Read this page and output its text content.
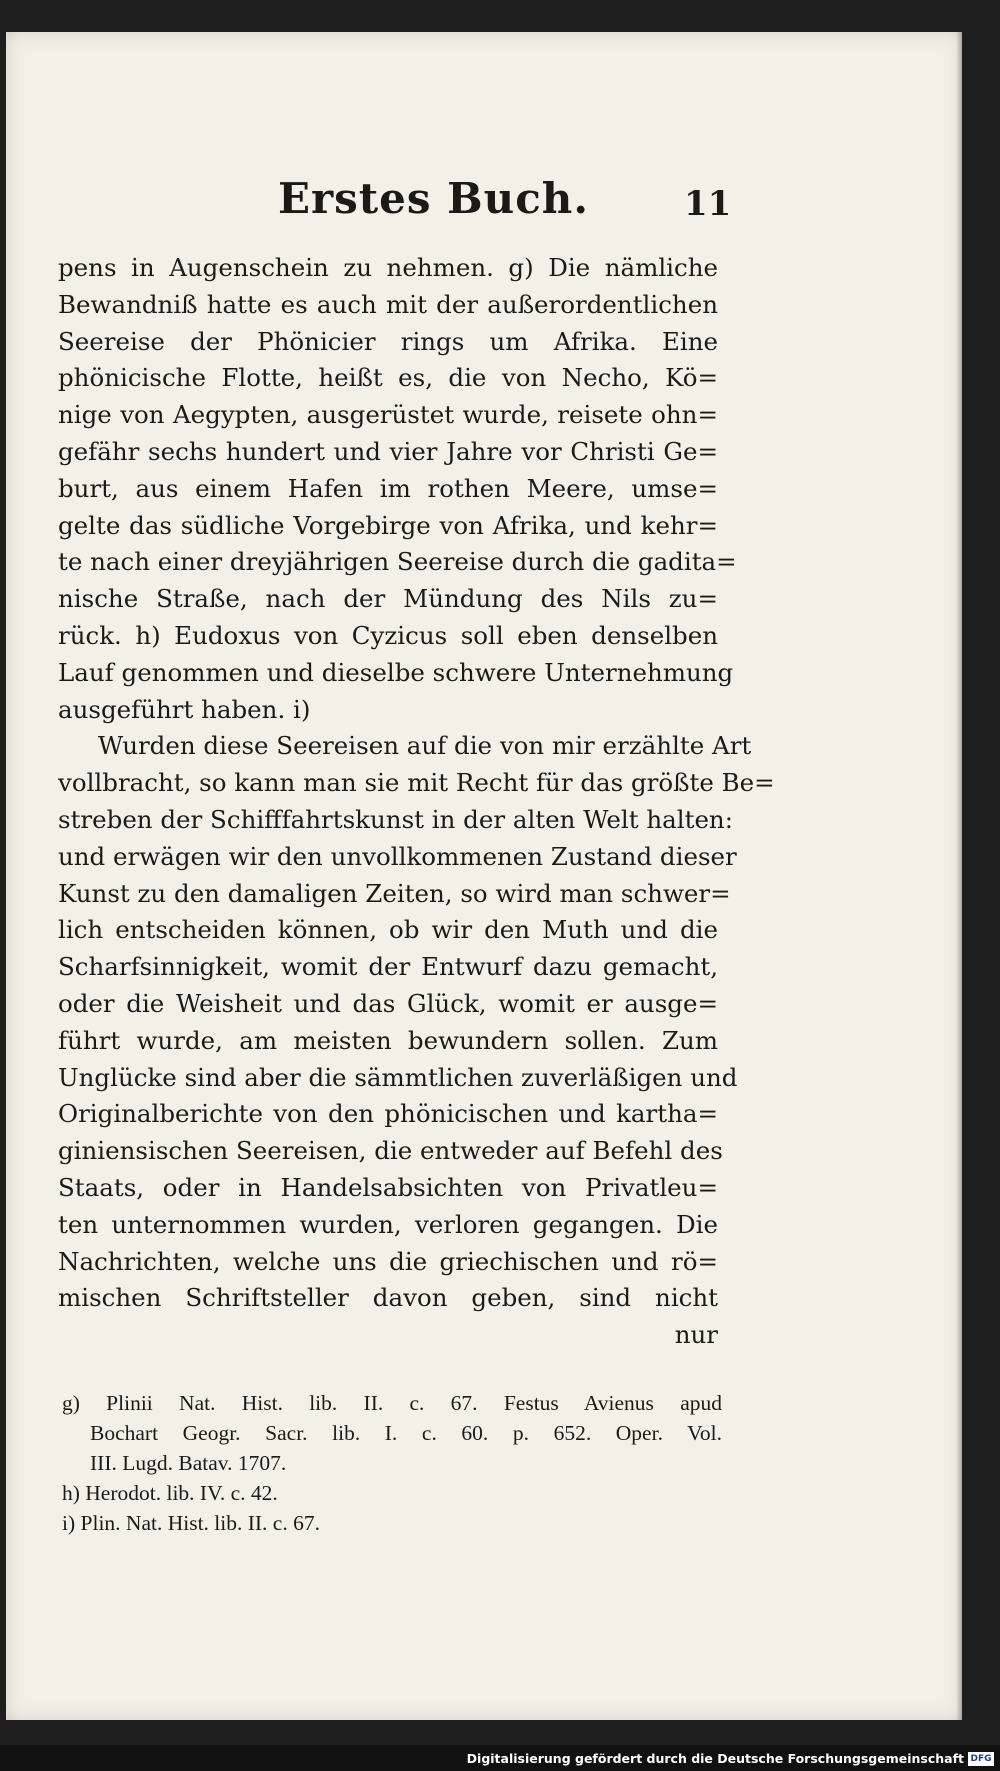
Erstes Buch.	11
pens in Augenschein zu nehmen. g) Die nämliche
Bewandniß hatte es auch mit der außerordentlichen
Seereise der Phönicier rings um Afrika. Eine
phönicische Flotte, heißt es, die von Necho, Kö=
nige von Aegypten, ausgerüstet wurde, reisete ohn=
gefähr sechs hundert und vier Jahre vor Christi Ge=
burt, aus einem Hafen im rothen Meere, umse=
gelte das südliche Vorgebirge von Afrika, und kehr=
te nach einer dreyjährigen Seereise durch die gadita=
nische Straße, nach der Mündung des Nils zu=
rück. h) Eudoxus von Cyzicus soll eben denselben
Lauf genommen und dieselbe schwere Unternehmung
ausgeführt haben. i)
Wurden diese Seereisen auf die von mir erzählte Art
vollbracht, so kann man sie mit Recht für das größte Be=
streben der Schifffahrtskunst in der alten Welt halten:
und erwägen wir den unvollkommenen Zustand dieser
Kunst zu den damaligen Zeiten, so wird man schwer=
lich entscheiden können, ob wir den Muth und die
Scharfsinnigkeit, womit der Entwurf dazu gemacht,
oder die Weisheit und das Glück, womit er ausge=
führt wurde, am meisten bewundern sollen. Zum
Unglücke sind aber die sämmtlichen zuverläßigen und
Originalberichte von den phönicischen und kartha=
giniensischen Seereisen, die entweder auf Befehl des
Staats, oder in Handelsabsichten von Privatleu=
ten unternommen wurden, verloren gegangen. Die
Nachrichten, welche uns die griechischen und rö=
mischen Schriftsteller davon geben, sind nicht
nur
g) Plinii Nat. Hist. lib. II. c. 67. Festus Avienus apud
Bochart Geogr. Sacr. lib. I. c. 60. p. 652. Oper. Vol.
III. Lugd. Batav. 1707.
h) Herodot. lib. IV. c. 42.
i) Plin. Nat. Hist. lib. II. c. 67.
Digitalisierung gefördert durch die Deutsche Forschungsgemeinschaft DFG
